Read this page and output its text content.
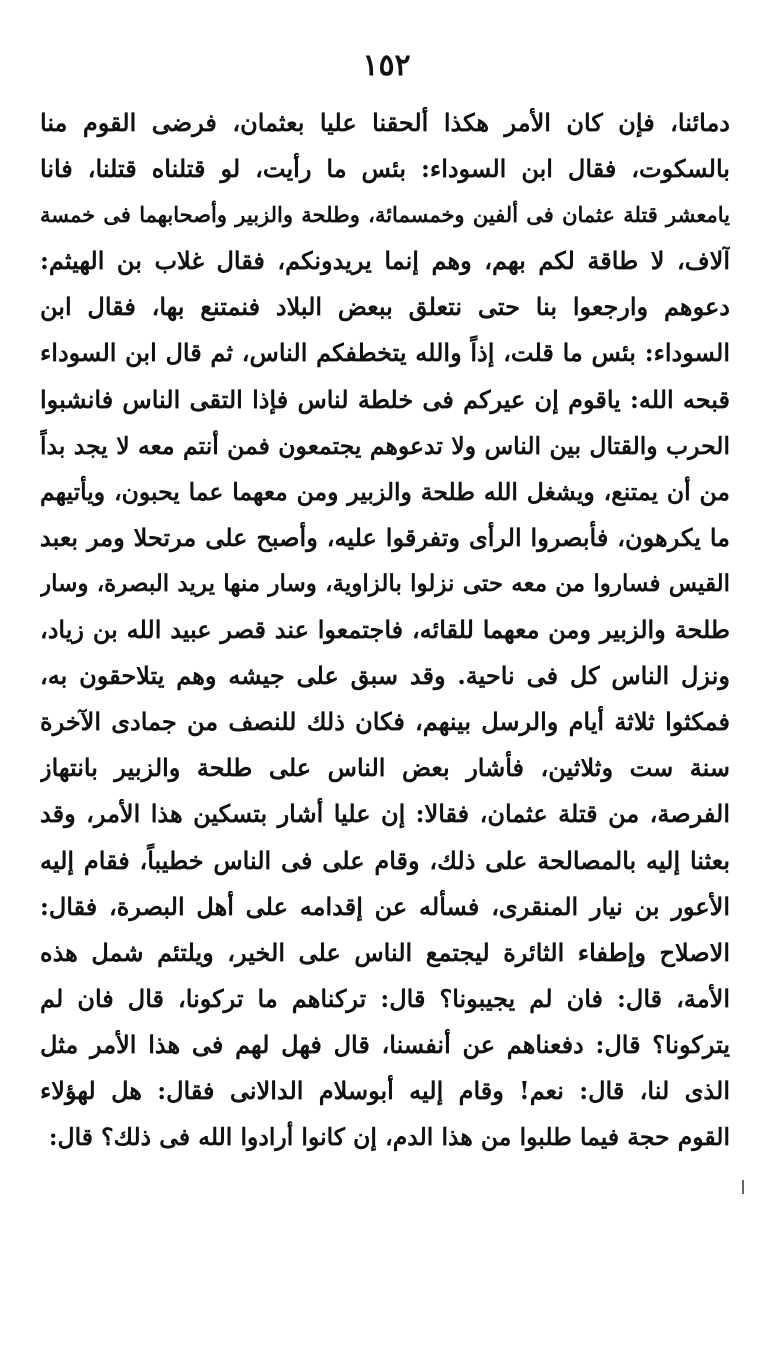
١٥٢
دمائنا، فإن كان الأمر هكذا ألحقنا عليا بعثمان، فرضى القوم منا
بالسكوت، فقال ابن السوداء: بئس ما رأيت، لو قتلناه قتلنا، فانا
يامعشر قتلة عثمان فى ألفين وخمسمائة، وطلحة والزبير وأصحابهما فى خمسة
آلاف، لا طاقة لكم بهم، وهم إنما يريدونكم، فقال غلاب بن الهيثم:
دعوهم وارجعوا بنا حتى نتعلق ببعض البلاد فنمتنع بها، فقال ابن
السوداء: بئس ما قلت، إذاً والله يتخطفكم الناس، ثم قال ابن السوداء
قبحه الله: ياقوم إن عيركم فى خلطة لناس فإذا التقى الناس فانشبوا
الحرب والقتال بين الناس ولا تدعوهم يجتمعون فمن أنتم معه لا يجد بداً
من أن يمتنع، ويشغل الله طلحة والزبير ومن معهما عما يحبون، ويأتيهم
ما يكرهون، فأبصروا الرأى وتفرقوا عليه، وأصبح على مرتحلا ومر بعبد
القيس فساروا من معه حتى نزلوا بالزاوية، وسار منها يريد البصرة، وسار
طلحة والزبير ومن معهما للقائه، فاجتمعوا عند قصر عبيد الله بن زياد،
ونزل الناس كل فى ناحية. وقد سبق على جيشه وهم يتلاحقون به،
فمكثوا ثلاثة أيام والرسل بينهم، فكان ذلك للنصف من جمادى الآخرة
سنة ست وثلاثين، فأشار بعض الناس على طلحة والزبير بانتهاز
الفرصة، من قتلة عثمان، فقالا: إن عليا أشار بتسكين هذا الأمر، وقد
بعثنا إليه بالمصالحة على ذلك، وقام على فى الناس خطيباً، فقام إليه
الأعور بن نيار المنقرى، فسأله عن إقدامه على أهل البصرة، فقال:
الاصلاح وإطفاء الثائرة ليجتمع الناس على الخير، ويلتئم شمل هذه
الأمة، قال: فان لم يجيبونا؟ قال: تركناهم ما تركونا، قال فان لم
يتركونا؟ قال: دفعناهم عن أنفسنا، قال فهل لهم فى هذا الأمر مثل
الذى لنا، قال: نعم! وقام إليه أبوسلام الدالانى فقال: هل لهؤلاء
القوم حجة فيما طلبوا من هذا الدم، إن كانوا أرادوا الله فى ذلك؟ قال:
